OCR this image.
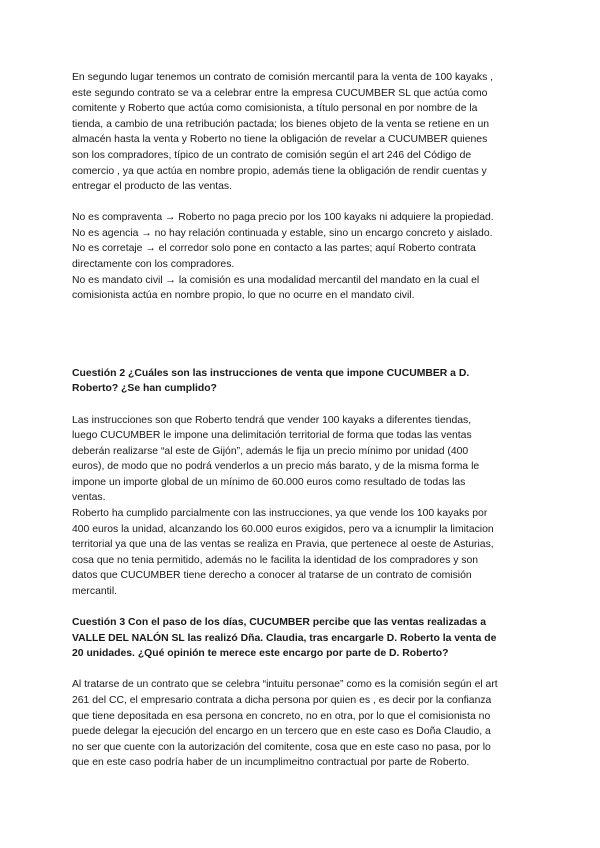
En segundo lugar tenemos un contrato de comisión mercantil para la venta de 100 kayaks ,
este segundo contrato se va a celebrar entre la empresa CUCUMBER SL que actúa como
comitente y Roberto que actúa como comisionista, a título personal en por nombre de la
tienda, a cambio de una retribución pactada; los bienes objeto de la venta se retiene en un
almacén hasta la venta y Roberto no tiene la obligación de revelar a CUCUMBER quienes
son los compradores, típico de un contrato de comisión según el art 246 del Código de
comercio , ya que actúa en nombre propio, además tiene la obligación de rendir cuentas y
entregar el producto de las ventas.
No es compraventa → Roberto no paga precio por los 100 kayaks ni adquiere la propiedad.
No es agencia → no hay relación continuada y estable, sino un encargo concreto y aislado.
No es corretaje → el corredor solo pone en contacto a las partes; aquí Roberto contrata
directamente con los compradores.
No es mandato civil → la comisión es una modalidad mercantil del mandato en la cual el
comisionista actúa en nombre propio, lo que no ocurre en el mandato civil.
Cuestión 2 ¿Cuáles son las instrucciones de venta que impone CUCUMBER a D.
Roberto? ¿Se han cumplido?
Las instrucciones son que Roberto tendrá que vender 100 kayaks a diferentes tiendas,
luego CUCUMBER le impone una delimitación territorial de forma que todas las ventas
deberán realizarse “al este de Gijón”, además le fija un precio mínimo por unidad (400
euros), de modo que no podrá venderlos a un precio más barato, y de la misma forma le
impone un importe global de un mínimo de 60.000 euros como resultado de todas las
ventas.
Roberto ha cumplido parcialmente con las instrucciones, ya que vende los 100 kayaks por
400 euros la unidad, alcanzando los 60.000 euros exigidos, pero va a icnumplir la limitacion
territorial ya que una de las ventas se realiza en Pravia, que pertenece al oeste de Asturias,
cosa que no tenia permitido, además no le facilita la identidad de los compradores y son
datos que CUCUMBER tiene derecho a conocer al tratarse de un contrato de comisión
mercantil.
Cuestión 3 Con el paso de los días, CUCUMBER percibe que las ventas realizadas a
VALLE DEL NALÓN SL las realizó Dña. Claudia, tras encargarle D. Roberto la venta de
20 unidades. ¿Qué opinión te merece este encargo por parte de D. Roberto?
Al tratarse de un contrato que se celebra “intuitu personae” como es la comisión según el art
261 del CC, el empresario contrata a dicha persona por quien es , es decir por la confianza
que tiene depositada en esa persona en concreto, no en otra, por lo que el comisionista no
puede delegar la ejecución del encargo en un tercero que en este caso es Doña Claudio, a
no ser que cuente con la autorización del comitente, cosa que en este caso no pasa, por lo
que en este caso podría haber de un incumplimeitno contractual por parte de Roberto.
